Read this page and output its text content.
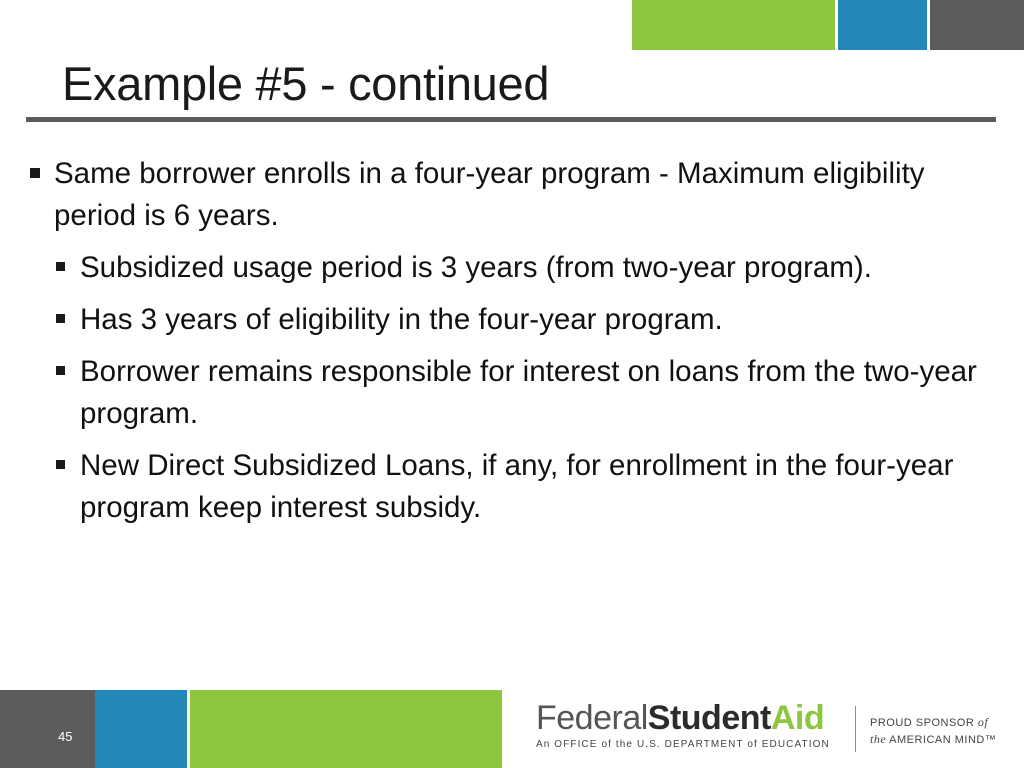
Example #5 - continued
Same borrower enrolls in a four-year program - Maximum eligibility period is 6 years.
Subsidized usage period is 3 years (from two-year program).
Has 3 years of eligibility in the four-year program.
Borrower remains responsible for interest on loans from the two-year program.
New Direct Subsidized Loans, if any, for enrollment in the four-year program keep interest subsidy.
45	FederalStudentAid
An OFFICE of the U.S. DEPARTMENT of EDUCATION
PROUD SPONSOR of
the AMERICAN MIND™
